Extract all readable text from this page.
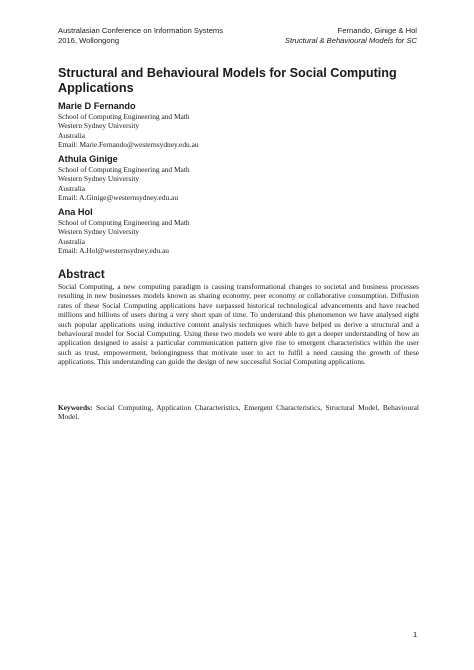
Australasian Conference on Information Systems
2016, Wollongong
Fernando, Ginige & Hol
Structural & Behavioural Models for SC
Structural and Behavioural Models for Social Computing Applications
Marie D Fernando
School of Computing Engineering and Math
Western Sydney University
Australia
Email: Marie.Fernando@westernsydney.edu.au
Athula Ginige
School of Computing Engineering and Math
Western Sydney University
Australia
Email: A.Ginige@westernsydney.edu.au
Ana Hol
School of Computing Engineering and Math
Western Sydney University
Australia
Email: A.Hol@westernsydney.edu.au
Abstract
Social Computing, a new computing paradigm is causing transformational changes to societal and business processes resulting in new businesses models known as sharing economy, peer economy or collaborative consumption. Diffusion rates of these Social Computing applications have surpassed historical technological advancements and have reached millions and billions of users during a very short span of time. To understand this phenomenon we have analysed eight such popular applications using inductive content analysis techniques which have helped us derive a structural and a behavioural model for Social Computing. Using these two models we were able to get a deeper understanding of how an application designed to assist a particular communication pattern give rise to emergent characteristics within the user such as trust, empowerment, belongingness that motivate user to act to fulfil a need causing the growth of these applications. This understanding can guide the design of new successful Social Computing applications.
Keywords: Social Computing, Application Characteristics, Emergent Characteristics, Structural Model, Behavioural Model.
1
